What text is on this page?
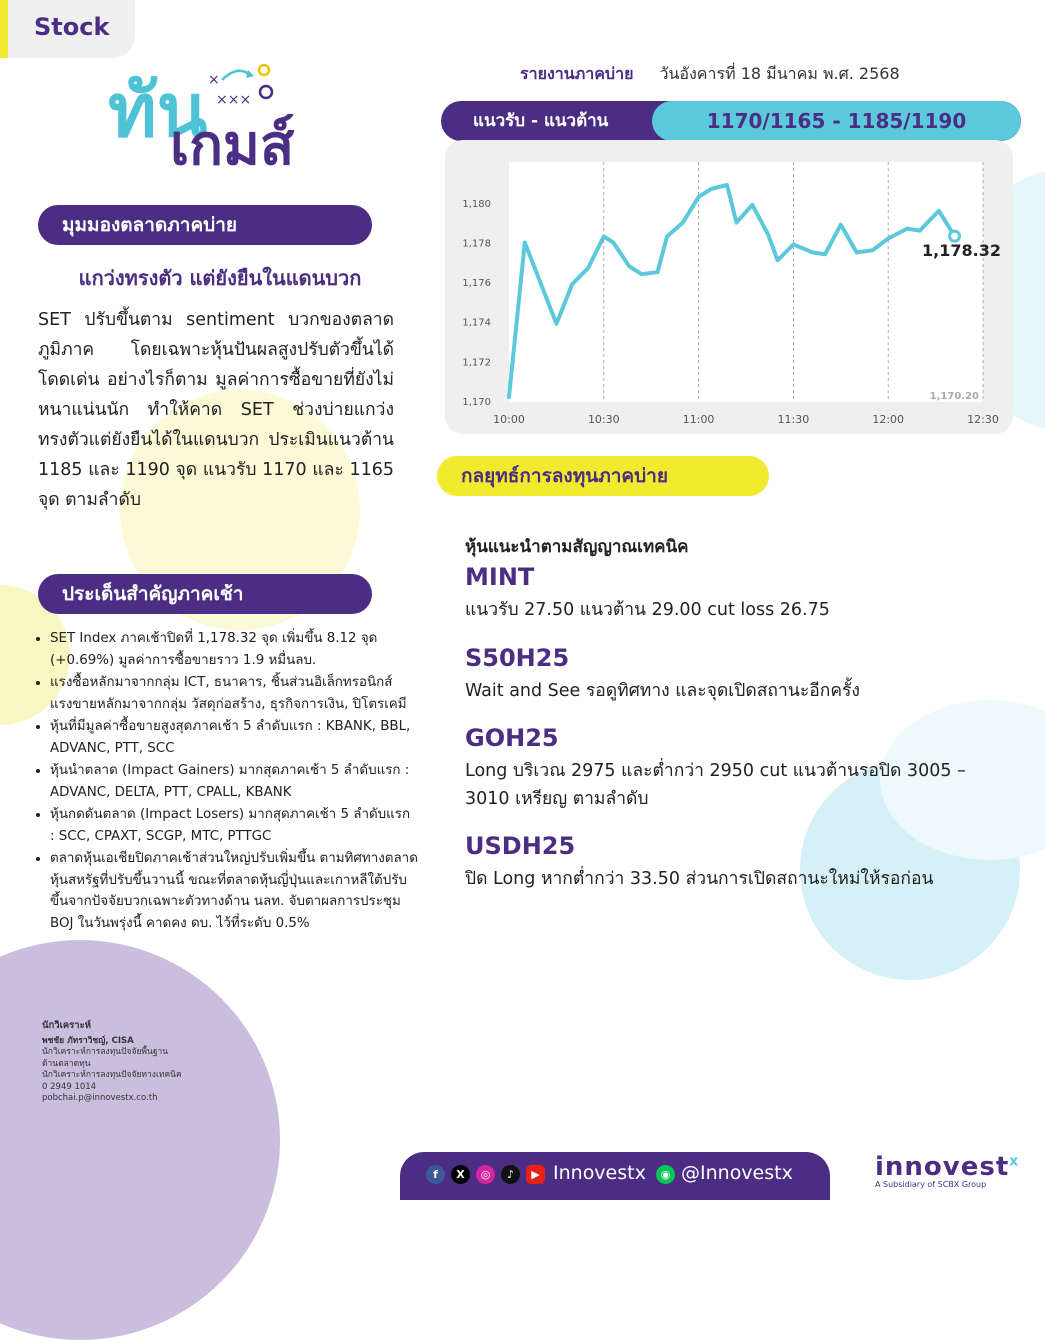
Stock
ทัน
เกมส์
×
×××
มุมมองตลาดภาคบ่าย
แกว่งทรงตัว แต่ยังยืนในแดนบวก
SET ปรับขึ้นตาม sentiment บวกของตลาดภูมิภาค โดยเฉพาะหุ้นปันผลสูงปรับตัวขึ้นได้โดดเด่น อย่างไรก็ตาม มูลค่าการซื้อขายที่ยังไม่หนาแน่นนัก ทำให้คาด SET ช่วงบ่ายแกว่งทรงตัวแต่ยังยืนได้ในแดนบวก ประเมินแนวต้าน 1185 และ 1190 จุด แนวรับ 1170 และ 1165 จุด ตามลำดับ
ประเด็นสำคัญภาคเช้า
• SET Index ภาคเช้าปิดที่ 1,178.32 จุด เพิ่มขึ้น 8.12 จุด (+0.69%) มูลค่าการซื้อขายราว 1.9 หมื่นลบ.
• แรงซื้อหลักมาจากกลุ่ม ICT, ธนาคาร, ชิ้นส่วนอิเล็กทรอนิกส์ แรงขายหลักมาจากกลุ่ม วัสดุก่อสร้าง, ธุรกิจการเงิน, ปิโตรเคมี
• หุ้นที่มีมูลค่าซื้อขายสูงสุดภาคเช้า 5 ลำดับแรก : KBANK, BBL, ADVANC, PTT, SCC
• หุ้นนำตลาด (Impact Gainers) มากสุดภาคเช้า 5 ลำดับแรก : ADVANC, DELTA, PTT, CPALL, KBANK
• หุ้นกดดันตลาด (Impact Losers) มากสุดภาคเช้า 5 ลำดับแรก : SCC, CPAXT, SCGP, MTC, PTTGC
• ตลาดหุ้นเอเชียปิดภาคเช้าส่วนใหญ่ปรับเพิ่มขึ้น ตามทิศทางตลาดหุ้นสหรัฐที่ปรับขึ้นวานนี้ ขณะที่ตลาดหุ้นญี่ปุ่นและเกาหลีใต้ปรับขึ้นจากปัจจัยบวกเฉพาะตัวทางด้าน นลท. จับตาผลการประชุม BOJ ในวันพรุ่งนี้ คาดคง ดบ. ไว้ที่ระดับ 0.5%
นักวิเคราะห์
พชชัย ภัทราวิชญ์, CISA
นักวิเคราะห์การลงทุนปัจจัยพื้นฐาน
ด้านตลาดทุน
นักวิเคราะห์การลงทุนปัจจัยทางเทคนิค
0 2949 1014
pobchai.p@innovestx.co.th
รายงานภาคบ่าย วันอังคารที่ 18 มีนาคม พ.ศ. 2568
แนวรับ - แนวต้าน	1170/1165 - 1185/1190
10:00	10:30	11:00	11:30	12:00	12:30
1,170
1,172
1,174
1,176
1,178
1,180
1,170.20
1,178.32
กลยุทธ์การลงทุนภาคบ่าย
หุ้นแนะนำตามสัญญาณเทคนิค
MINT
แนวรับ 27.50 แนวต้าน 29.00 cut loss 26.75
S50H25
Wait and See รอดูทิศทาง และจุดเปิดสถานะอีกครั้ง
GOH25
Long บริเวณ 2975 และต่ำกว่า 2950 cut แนวต้านรอปิด 3005 – 3010 เหรียญ ตามลำดับ
USDH25
ปิด Long หากต่ำกว่า 33.50 ส่วนการเปิดสถานะใหม่ให้รอก่อน
f	X	◎	♪	▶ Innovestx	◉ @Innovestx	innovest$^x$
A Subsidiary of SCBX Group
